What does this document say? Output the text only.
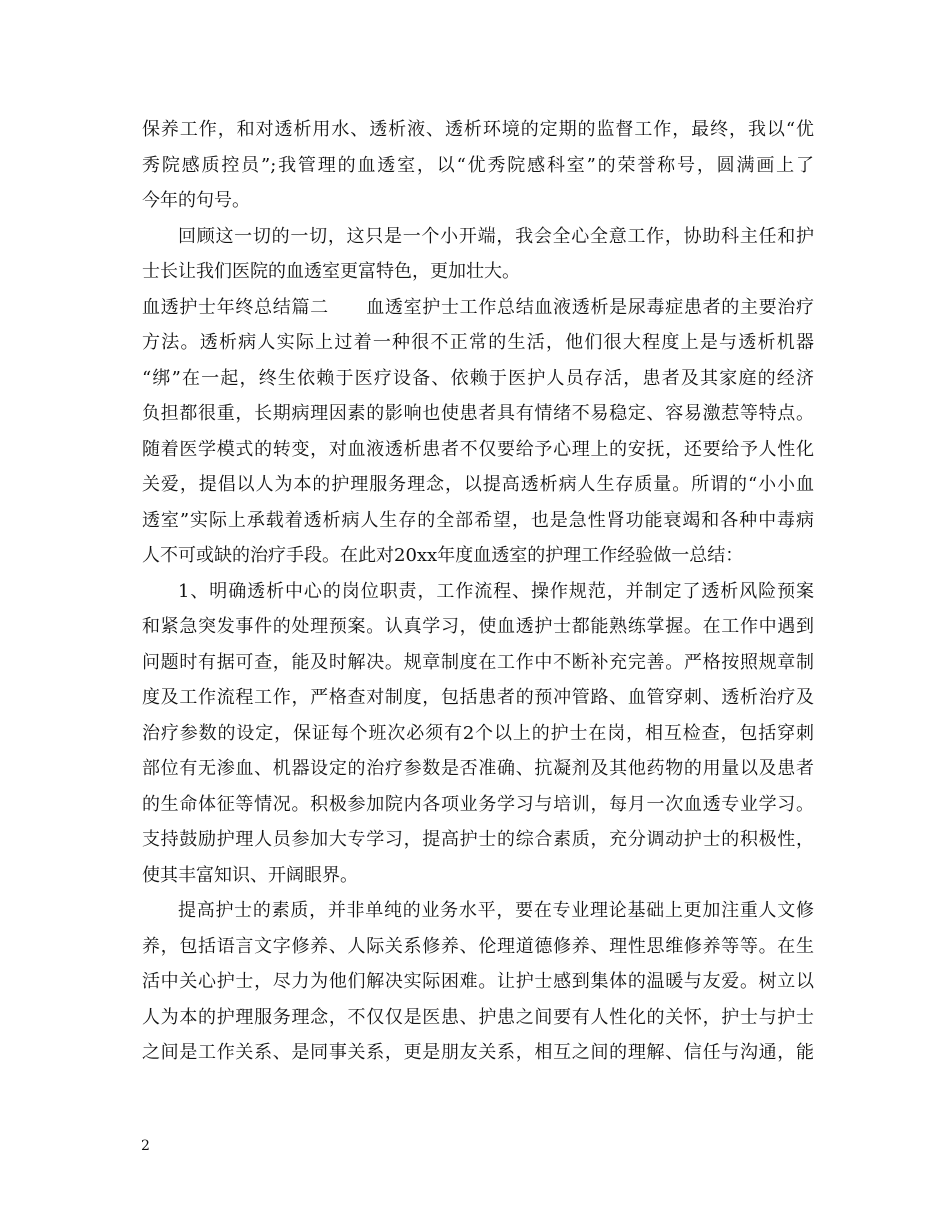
保养工作，和对透析用水、透析液、透析环境的定期的监督工作，最终，我以“优
秀院感质控员”;我管理的血透室，以“优秀院感科室”的荣誉称号，圆满画上了
今年的句号。
回顾这一切的一切，这只是一个小开端，我会全心全意工作，协助科主任和护
士长让我们医院的血透室更富特色，更加壮大。
血透护士年终总结篇二　　血透室护士工作总结血液透析是尿毒症患者的主要治疗
方法。透析病人实际上过着一种很不正常的生活，他们很大程度上是与透析机器
“绑”在一起，终生依赖于医疗设备、依赖于医护人员存活，患者及其家庭的经济
负担都很重，长期病理因素的影响也使患者具有情绪不易稳定、容易激惹等特点。
随着医学模式的转变，对血液透析患者不仅要给予心理上的安抚，还要给予人性化
关爱，提倡以人为本的护理服务理念，以提高透析病人生存质量。所谓的“小小血
透室”实际上承载着透析病人生存的全部希望，也是急性肾功能衰竭和各种中毒病
人不可或缺的治疗手段。在此对20xx年度血透室的护理工作经验做一总结：
1、明确透析中心的岗位职责，工作流程、操作规范，并制定了透析风险预案
和紧急突发事件的处理预案。认真学习，使血透护士都能熟练掌握。在工作中遇到
问题时有据可查，能及时解决。规章制度在工作中不断补充完善。严格按照规章制
度及工作流程工作，严格查对制度，包括患者的预冲管路、血管穿刺、透析治疗及
治疗参数的设定，保证每个班次必须有2个以上的护士在岗，相互检查，包括穿刺
部位有无渗血、机器设定的治疗参数是否准确、抗凝剂及其他药物的用量以及患者
的生命体征等情况。积极参加院内各项业务学习与培训，每月一次血透专业学习。
支持鼓励护理人员参加大专学习，提高护士的综合素质，充分调动护士的积极性，
使其丰富知识、开阔眼界。
提高护士的素质，并非单纯的业务水平，要在专业理论基础上更加注重人文修
养，包括语言文字修养、人际关系修养、伦理道德修养、理性思维修养等等。在生
活中关心护士，尽力为他们解决实际困难。让护士感到集体的温暖与友爱。树立以
人为本的护理服务理念，不仅仅是医患、护患之间要有人性化的关怀，护士与护士
之间是工作关系、是同事关系，更是朋友关系，相互之间的理解、信任与沟通，能
2
